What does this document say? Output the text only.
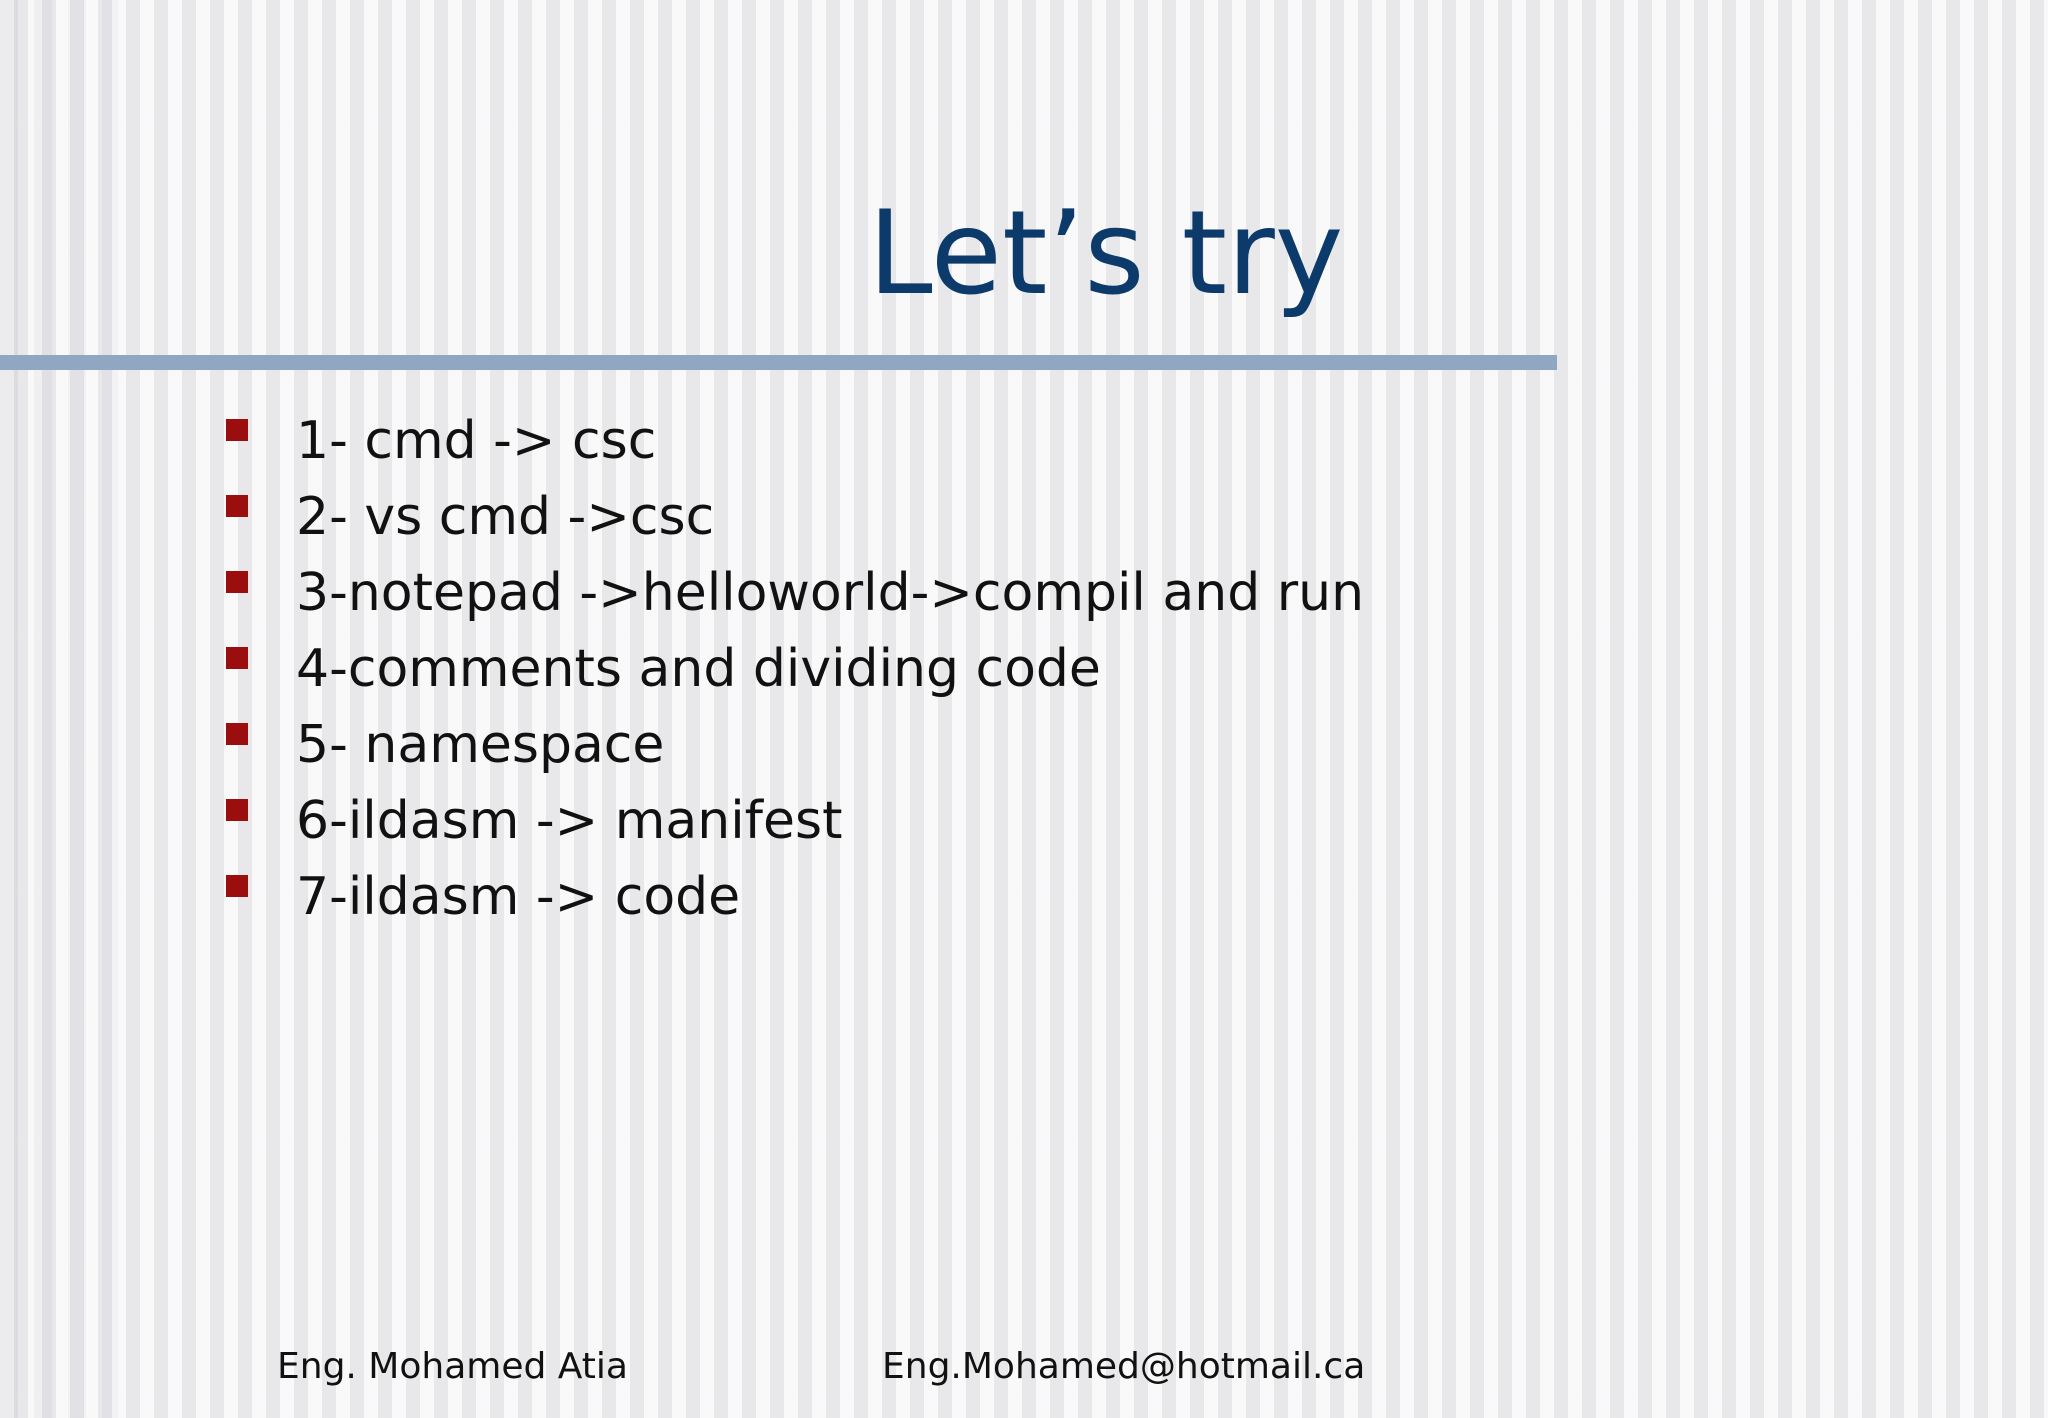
Let’s try
1- cmd -> csc
2- vs cmd ->csc
3-notepad ->helloworld->compil and run
4-comments and dividing code
5- namespace
6-ildasm -> manifest
7-ildasm -> code
Eng. Mohamed Atia	Eng.Mohamed@hotmail.ca
